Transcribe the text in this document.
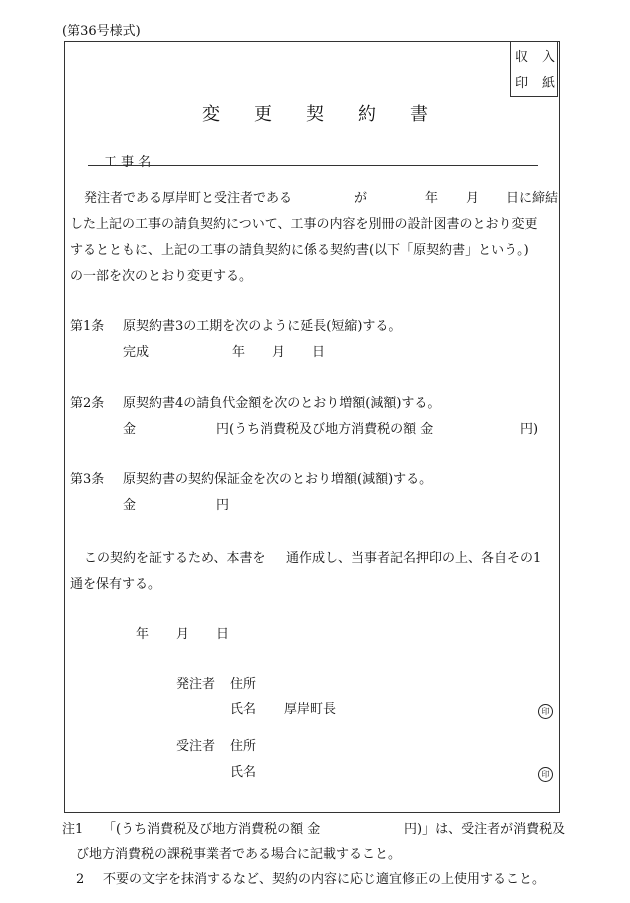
(第36号様式)
収 入
印 紙
変更契約書
工 事 名
発注者である厚岸町と受注者である	が	年 月 日に締結
した上記の工事の請負契約について、工事の内容を別冊の設計図書のとおり変更
するとともに、上記の工事の請負契約に係る契約書(以下「原契約書」という。)
の一部を次のとおり変更する。
第1条 原契約書3の工期を次のように延長(短縮)する。
完成	年 月 日
第2条 原契約書4の請負代金額を次のとおり増額(減額)する。
金	円(うち消費税及び地方消費税の額 金	円)
第3条 原契約書の契約保証金を次のとおり増額(減額)する。
金	円
この契約を証するため、本書を 通作成し、当事者記名押印の上、各自その1
通を保有する。
年 月 日
発注者 住所
氏名 厚岸町長	印
受注者 住所
氏名	印
注1 「(うち消費税及び地方消費税の額 金	円)」は、受注者が消費税及
び地方消費税の課税事業者である場合に記載すること。
2 不要の文字を抹消するなど、契約の内容に応じ適宜修正の上使用すること。
